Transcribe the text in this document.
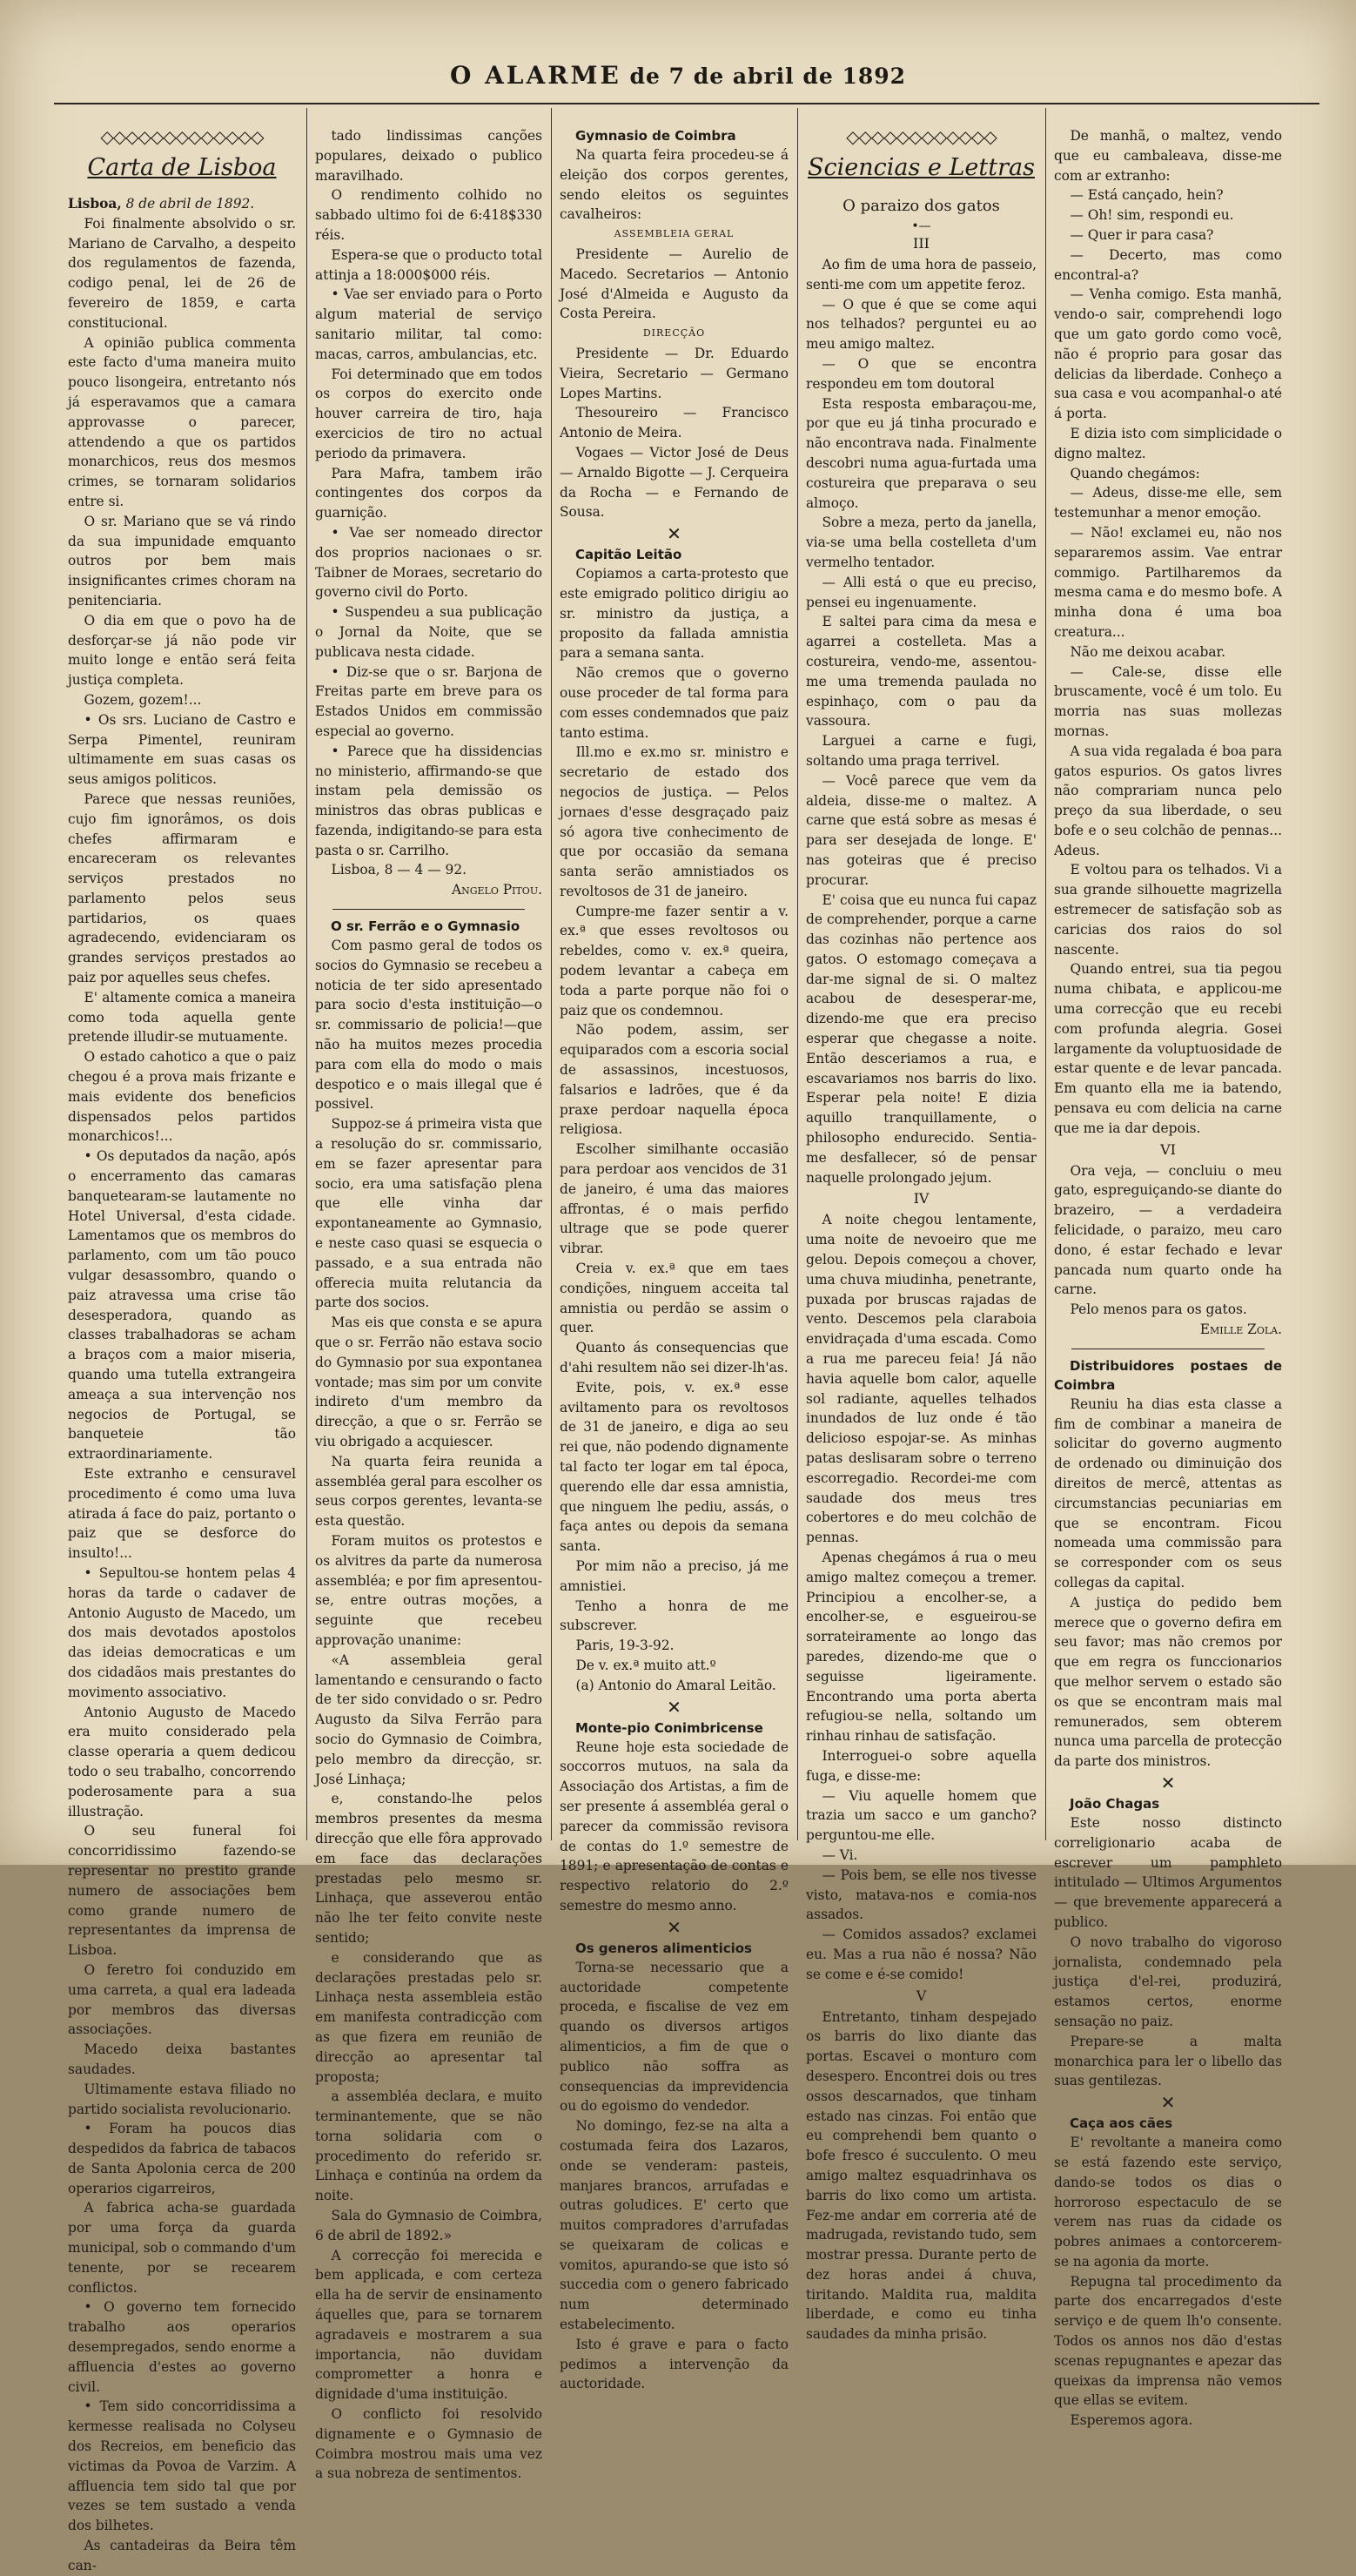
O ALARME de 7 de abril de 1892
◇◇◇◇◇◇◇◇◇◇◇◇◇
Carta de Lisboa

Lisboa, 8 de abril de 1892.

Foi finalmente absolvido o sr. Mariano de Carvalho, a despeito dos regulamentos de fazenda, codigo penal, lei de 26 de fevereiro de 1859, e carta constitucional.

A opinião publica commenta este facto d'uma maneira muito pouco lisongeira, entretanto nós já esperavamos que a camara approvasse o parecer, attendendo a que os partidos monarchicos, reus dos mesmos crimes, se tornaram solidarios entre si.

O sr. Mariano que se vá rindo da sua impunidade emquanto outros por bem mais insignificantes crimes choram na penitenciaria.

O dia em que o povo ha de desforçar-se já não pode vir muito longe e então será feita justiça completa.

Gozem, gozem!...

• Os srs. Luciano de Castro e Serpa Pimentel, reuniram ultimamente em suas casas os seus amigos politicos.

Parece que nessas reuniões, cujo fim ignorâmos, os dois chefes affirmaram e encareceram os relevantes serviços prestados no parlamento pelos seus partidarios, os quaes agradecendo, evidenciaram os grandes serviços prestados ao paiz por aquelles seus chefes.

E' altamente comica a maneira como toda aquella gente pretende illudir-se mutuamente.

O estado cahotico a que o paiz chegou é a prova mais frizante e mais evidente dos beneficios dispensados pelos partidos monarchicos!...

• Os deputados da nação, após o encerramento das camaras banquetearam-se lautamente no Hotel Universal, d'esta cidade. Lamentamos que os membros do parlamento, com um tão pouco vulgar desassombro, quando o paiz atravessa uma crise tão desesperadora, quando as classes trabalhadoras se acham a braços com a maior miseria, quando uma tutella extrangeira ameaça a sua intervenção nos negocios de Portugal, se banqueteie tão extraordinariamente.

Este extranho e censuravel procedimento é como uma luva atirada á face do paiz, portanto o paiz que se desforce do insulto!...

• Sepultou-se hontem pelas 4 horas da tarde o cadaver de Antonio Augusto de Macedo, um dos mais devotados apostolos das ideias democraticas e um dos cidadãos mais prestantes do movimento associativo.

Antonio Augusto de Macedo era muito considerado pela classe operaria a quem dedicou todo o seu trabalho, concorrendo poderosamente para a sua illustração.

O seu funeral foi concorridissimo fazendo-se representar no prestito grande numero de associações bem como grande numero de representantes da imprensa de Lisboa.

O feretro foi conduzido em uma carreta, a qual era ladeada por membros das diversas associações.

Macedo deixa bastantes saudades.

Ultimamente estava filiado no partido socialista revolucionario.

• Foram ha poucos dias despedidos da fabrica de tabacos de Santa Apolonia cerca de 200 operarios cigarreiros,

A fabrica acha-se guardada por uma força da guarda municipal, sob o commando d'um tenente, por se recearem conflictos.

• O governo tem fornecido trabalho aos operarios desempregados, sendo enorme a affluencia d'estes ao governo civil.

• Tem sido concorridissima a kermesse realisada no Colyseu dos Recreios, em beneficio das victimas da Povoa de Varzim. A affluencia tem sido tal que por vezes se tem sustado a venda dos bilhetes.

As cantadeiras da Beira têm can-

tado lindissimas canções populares, deixado o publico maravilhado.

O rendimento colhido no sabbado ultimo foi de 6:418$330 réis.

Espera-se que o producto total attinja a 18:000$000 réis.

• Vae ser enviado para o Porto algum material de serviço sanitario militar, tal como: macas, carros, ambulancias, etc.

Foi determinado que em todos os corpos do exercito onde houver carreira de tiro, haja exercicios de tiro no actual periodo da primavera.

Para Mafra, tambem irão contingentes dos corpos da guarnição.

• Vae ser nomeado director dos proprios nacionaes o sr. Taibner de Moraes, secretario do governo civil do Porto.

• Suspendeu a sua publicação o Jornal da Noite, que se publicava nesta cidade.

• Diz-se que o sr. Barjona de Freitas parte em breve para os Estados Unidos em commissão especial ao governo.

• Parece que ha dissidencias no ministerio, affirmando-se que instam pela demissão os ministros das obras publicas e fazenda, indigitando-se para esta pasta o sr. Carrilho.

Lisboa, 8 — 4 — 92.

Angelo Pitou.

O sr. Ferrão e o Gymnasio

Com pasmo geral de todos os socios do Gymnasio se recebeu a noticia de ter sido apresentado para socio d'esta instituição—o sr. commissario de policia!—que não ha muitos mezes procedia para com ella do modo o mais despotico e o mais illegal que é possivel.

Suppoz-se á primeira vista que a resolução do sr. commissario, em se fazer apresentar para socio, era uma satisfação plena que elle vinha dar expontaneamente ao Gymnasio, e neste caso quasi se esquecia o passado, e a sua entrada não offerecia muita relutancia da parte dos socios.

Mas eis que consta e se apura que o sr. Ferrão não estava socio do Gymnasio por sua expontanea vontade; mas sim por um convite indireto d'um membro da direcção, a que o sr. Ferrão se viu obrigado a acquiescer.

Na quarta feira reunida a assembléa geral para escolher os seus corpos gerentes, levanta-se esta questão.

Foram muitos os protestos e os alvitres da parte da numerosa assembléa; e por fim apresentou-se, entre outras moções, a seguinte que recebeu approvação unanime:

«A assembleia geral lamentando e censurando o facto de ter sido convidado o sr. Pedro Augusto da Silva Ferrão para socio do Gymnasio de Coimbra, pelo membro da direcção, sr. José Linhaça;

e, constando-lhe pelos membros presentes da mesma direcção que elle fôra approvado em face das declarações prestadas pelo mesmo sr. Linhaça, que asseverou então não lhe ter feito convite neste sentido;

e considerando que as declarações prestadas pelo sr. Linhaça nesta assembleia estão em manifesta contradicção com as que fizera em reunião de direcção ao apresentar tal proposta;

a assembléa declara, e muito terminantemente, que se não torna solidaria com o procedimento do referido sr. Linhaça e continúa na ordem da noite.

Sala do Gymnasio de Coimbra, 6 de abril de 1892.»

A correcção foi merecida e bem applicada, e com certeza ella ha de servir de ensinamento áquelles que, para se tornarem agradaveis e mostrarem a sua importancia, não duvidam comprometter a honra e dignidade d'uma instituição.

O conflicto foi resolvido dignamente e o Gymnasio de Coimbra mostrou mais uma vez a sua nobreza de sentimentos.

Gymnasio de Coimbra

Na quarta feira procedeu-se á eleição dos corpos gerentes, sendo eleitos os seguintes cavalheiros:

ASSEMBLEIA GERAL

Presidente — Aurelio de Macedo. Secretarios — Antonio José d'Almeida e Augusto da Costa Pereira.

DIRECÇÃO

Presidente — Dr. Eduardo Vieira, Secretario — Germano Lopes Martins.

Thesoureiro — Francisco Antonio de Meira.

Vogaes — Victor José de Deus— Arnaldo Bigotte — J. Cerqueira da Rocha — e Fernando de Sousa.

✕

Capitão Leitão

Copiamos a carta-protesto que este emigrado politico dirigiu ao sr. ministro da justiça, a proposito da fallada amnistia para a semana santa.

Não cremos que o governo ouse proceder de tal forma para com esses condemnados que paiz tanto estima.

Ill.mo e ex.mo sr. ministro e secretario de estado dos negocios de justiça. — Pelos jornaes d'esse desgraçado paiz só agora tive conhecimento de que por occasião da semana santa serão amnistiados os revoltosos de 31 de janeiro.

Cumpre-me fazer sentir a v. ex.ª que esses revoltosos ou rebeldes, como v. ex.ª queira, podem levantar a cabeça em toda a parte porque não foi o paiz que os condemnou.

Não podem, assim, ser equiparados com a escoria social de assassinos, incestuosos, falsarios e ladrões, que é da praxe perdoar naquella época religiosa.

Escolher similhante occasião para perdoar aos vencidos de 31 de janeiro, é uma das maiores affrontas, é o mais perfido ultrage que se pode querer vibrar.

Creia v. ex.ª que em taes condições, ninguem acceita tal amnistia ou perdão se assim o quer.

Quanto ás consequencias que d'ahi resultem não sei dizer-lh'as.

Evite, pois, v. ex.ª esse aviltamento para os revoltosos de 31 de janeiro, e diga ao seu rei que, não podendo dignamente tal facto ter logar em tal época, querendo elle dar essa amnistia, que ninguem lhe pediu, assás, o faça antes ou depois da semana santa.

Por mim não a preciso, já me amnistiei.

Tenho a honra de me subscrever.

Paris, 19-3-92.

De v. ex.ª muito att.º

(a) Antonio do Amaral Leitão.

✕

Monte-pio Conimbricense

Reune hoje esta sociedade de soccorros mutuos, na sala da Associação dos Artistas, a fim de ser presente á assembléa geral o parecer da commissão revisora de contas do 1.º semestre de 1891; e apresentação de contas e respectivo relatorio do 2.º semestre do mesmo anno.

✕

Os generos alimenticios

Torna-se necessario que a auctoridade competente proceda, e fiscalise de vez em quando os diversos artigos alimenticios, a fim de que o publico não soffra as consequencias da imprevidencia ou do egoismo do vendedor.

No domingo, fez-se na alta a costumada feira dos Lazaros, onde se venderam: pasteis, manjares brancos, arrufadas e outras goludices. E' certo que muitos compradores d'arrufadas se queixaram de colicas e vomitos, apurando-se que isto só succedia com o genero fabricado num determinado estabelecimento.

Isto é grave e para o facto pedimos a intervenção da auctoridade.

◇◇◇◇◇◇◇◇◇◇◇◇
Sciencias e Lettras
O paraizo dos gatos
•—
III

Ao fim de uma hora de passeio, senti-me com um appetite feroz.

— O que é que se come aqui nos telhados? perguntei eu ao meu amigo maltez.

— O que se encontra respondeu em tom doutoral

Esta resposta embaraçou-me, por que eu já tinha procurado e não encontrava nada. Finalmente descobri numa agua-furtada uma costureira que preparava o seu almoço.

Sobre a meza, perto da janella, via-se uma bella costelleta d'um vermelho tentador.

— Alli está o que eu preciso, pensei eu ingenuamente.

E saltei para cima da mesa e agarrei a costelleta. Mas a costureira, vendo-me, assentou-me uma tremenda paulada no espinhaço, com o pau da vassoura.

Larguei a carne e fugi, soltando uma praga terrivel.

— Você parece que vem da aldeia, disse-me o maltez. A carne que está sobre as mesas é para ser desejada de longe. E' nas goteiras que é preciso procurar.

E' coisa que eu nunca fui capaz de comprehender, porque a carne das cozinhas não pertence aos gatos. O estomago começava a dar-me signal de si. O maltez acabou de desesperar-me, dizendo-me que era preciso esperar que chegasse a noite. Então desceriamos a rua, e escavariamos nos barris do lixo. Esperar pela noite! E dizia aquillo tranquillamente, o philosopho endurecido. Sentia-me desfallecer, só de pensar naquelle prolongado jejum.

IV

A noite chegou lentamente, uma noite de nevoeiro que me gelou. Depois começou a chover, uma chuva miudinha, penetrante, puxada por bruscas rajadas de vento. Descemos pela claraboia envidraçada d'uma escada. Como a rua me pareceu feia! Já não havia aquelle bom calor, aquelle sol radiante, aquelles telhados inundados de luz onde é tão delicioso espojar-se. As minhas patas deslisaram sobre o terreno escorregadio. Recordei-me com saudade dos meus tres cobertores e do meu colchão de pennas.

Apenas chegámos á rua o meu amigo maltez começou a tremer. Principiou a encolher-se, a encolher-se, e esgueirou-se sorrateiramente ao longo das paredes, dizendo-me que o seguisse ligeiramente. Encontrando uma porta aberta refugiou-se nella, soltando um rinhau rinhau de satisfação.

Interroguei-o sobre aquella fuga, e disse-me:

— Viu aquelle homem que trazia um sacco e um gancho? perguntou-me elle.

— Vi.

— Pois bem, se elle nos tivesse visto, matava-nos e comia-nos assados.

— Comidos assados? exclamei eu. Mas a rua não é nossa? Não se come e é-se comido!

V

Entretanto, tinham despejado os barris do lixo diante das portas. Escavei o monturo com desespero. Encontrei dois ou tres ossos descarnados, que tinham estado nas cinzas. Foi então que eu comprehendi bem quanto o bofe fresco é succulento. O meu amigo maltez esquadrinhava os barris do lixo como um artista. Fez-me andar em correria até de madrugada, revistando tudo, sem mostrar pressa. Durante perto de dez horas andei á chuva, tiritando. Maldita rua, maldita liberdade, e como eu tinha saudades da minha prisão.

De manhã, o maltez, vendo que eu cambaleava, disse-me com ar extranho:

— Está cançado, hein?

— Oh! sim, respondi eu.

— Quer ir para casa?

— Decerto, mas como encontral-a?

— Venha comigo. Esta manhã, vendo-o sair, comprehendi logo que um gato gordo como você, não é proprio para gosar das delicias da liberdade. Conheço a sua casa e vou acompanhal-o até á porta.

E dizia isto com simplicidade o digno maltez.

Quando chegámos:

— Adeus, disse-me elle, sem testemunhar a menor emoção.

— Não! exclamei eu, não nos separaremos assim. Vae entrar commigo. Partilharemos da mesma cama e do mesmo bofe. A minha dona é uma boa creatura...

Não me deixou acabar.

— Cale-se, disse elle bruscamente, você é um tolo. Eu morria nas suas mollezas mornas.

A sua vida regalada é boa para gatos espurios. Os gatos livres não comprariam nunca pelo preço da sua liberdade, o seu bofe e o seu colchão de pennas... Adeus.

E voltou para os telhados. Vi a sua grande silhouette magrizella estremecer de satisfação sob as caricias dos raios do sol nascente.

Quando entrei, sua tia pegou numa chibata, e applicou-me uma correcção que eu recebi com profunda alegria. Gosei largamente da voluptuosidade de estar quente e de levar pancada. Em quanto ella me ia batendo, pensava eu com delicia na carne que me ia dar depois.

VI

Ora veja, — concluiu o meu gato, espreguiçando-se diante do brazeiro, — a verdadeira felicidade, o paraizo, meu caro dono, é estar fechado e levar pancada num quarto onde ha carne.

Pelo menos para os gatos.

Emille Zola.

Distribuidores postaes de Coimbra

Reuniu ha dias esta classe a fim de combinar a maneira de solicitar do governo augmento de ordenado ou diminuição dos direitos de mercê, attentas as circumstancias pecuniarias em que se encontram. Ficou nomeada uma commissão para se corresponder com os seus collegas da capital.

A justiça do pedido bem merece que o governo defira em seu favor; mas não cremos por que em regra os funccionarios que melhor servem o estado são os que se encontram mais mal remunerados, sem obterem nunca uma parcella de protecção da parte dos ministros.

✕

João Chagas

Este nosso distincto correligionario acaba de escrever um pamphleto intitulado — Ultimos Argumentos — que brevemente apparecerá a publico.

O novo trabalho do vigoroso jornalista, condemnado pela justiça d'el-rei, produzirá, estamos certos, enorme sensação no paiz.

Prepare-se a malta monarchica para ler o libello das suas gentilezas.

✕

Caça aos cães

E' revoltante a maneira como se está fazendo este serviço, dando-se todos os dias o horroroso espectaculo de se verem nas ruas da cidade os pobres animaes a contorcerem-se na agonia da morte.

Repugna tal procedimento da parte dos encarregados d'este serviço e de quem lh'o consente. Todos os annos nos dão d'estas scenas repugnantes e apezar das queixas da imprensa não vemos que ellas se evitem.

Esperemos agora.
